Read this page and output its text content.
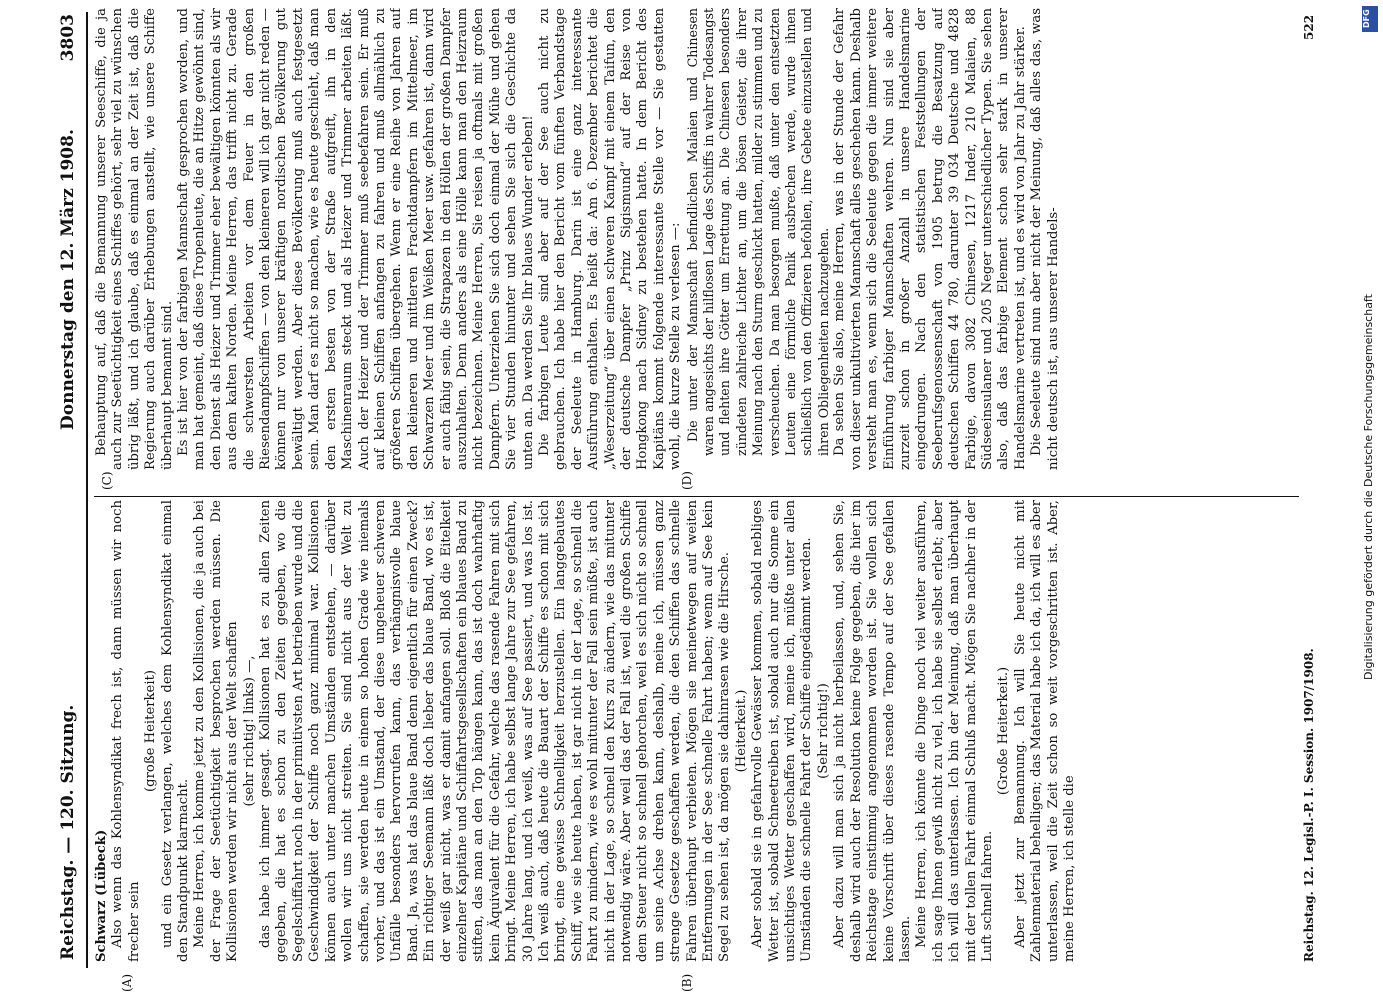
Reichstag. — 120. Sitzung.
Donnerstag den 12. März 1908.
3803
(A)	(B)
(C)	(D)

Schwarz (Lübeck) Also wenn das Kohlensyndikat frech ist, dann müssen wir noch frecher sein

(große Heiterkeit) und ein Gesetz verlangen, welches dem Kohlensyndikat einmal den Standpunkt klarmacht. Meine Herren, ich komme jetzt zu den Kollisionen, die ja auch bei der Frage der Seetüchtigkeit besprochen werden müssen. Die Kollisionen werden wir nicht aus der Welt schaffen (sehr richtig! links) —, das habe ich immer gesagt. Kollisionen hat es zu allen Zeiten gegeben, die hat es schon zu den Zeiten gegeben, wo die Segelschiffahrt noch in der primitivsten Art betrieben wurde und die Geschwindigkeit der Schiffe noch ganz minimal war. Kollisionen können auch unter manchen Umständen entstehen, — darüber wollen wir uns nicht streiten. Sie sind nicht aus der Welt zu schaffen, sie werden heute in einem so hohen Grade wie niemals vorher, und das ist ein Umstand, der diese ungeheuer schweren Unfälle besonders hervorrufen kann, das verhängnisvolle blaue Band. Ja, was hat das blaue Band denn eigentlich für einen Zweck? Ein richtiger Seemann läßt doch lieber das blaue Band, wo es ist, der weiß gar nicht, was er damit anfangen soll. Bloß die Eitelkeit einzelner Kapitäne und Schiffahrtsgesellschaften ein blaues Band zu stiften, das man an den Top hängen kann, das ist doch wahrhaftig kein Äquivalent für die Gefahr, welche das rasende Fahren mit sich bringt. Meine Herren, ich habe selbst lange Jahre zur See gefahren, 30 Jahre lang, und ich weiß, was auf See passiert, und was los ist. Ich weiß auch, daß heute die Bauart der Schiffe es schon mit sich bringt, eine gewisse Schnelligkeit herzustellen. Ein langgebautes Schiff, wie sie heute haben, ist gar nicht in der Lage, so schnell die Fahrt zu mindern, wie es wohl mitunter der Fall sein müßte, ist auch nicht in der Lage, so schnell den Kurs zu ändern, wie das mitunter notwendig wäre. Aber weil das der Fall ist, weil die großen Schiffe dem Steuer nicht so schnell gehorchen, weil es sich nicht so schnell um seine Achse drehen kann, deshalb, meine ich, müssen ganz strenge Gesetze geschaffen werden, die den Schiffen das schnelle Fahren überhaupt verbieten. Mögen sie meinetwegen auf weiten Entfernungen in der See schnelle Fahrt haben; wenn auf See kein Segel zu sehen ist, da mögen sie dahinrasen wie die Hirsche. (Heiterkeit.) Aber sobald sie in gefahrvolle Gewässer kommen, sobald nebliges Wetter ist, sobald Schneetreiben ist, sobald auch nur die Sonne ein unsichtiges Wetter geschaffen wird, meine ich, müßte unter allen Umständen die schnelle Fahrt der Schiffe eingedämmt werden. (Sehr richtig!) Aber dazu will man sich ja nicht herbeilassen, und, sehen Sie, deshalb wird auch der Resolution keine Folge gegeben, die hier im Reichstage einstimmig angenommen worden ist. Sie wollen sich keine Vorschrift über dieses rasende Tempo auf der See gefallen lassen. Meine Herren, ich könnte die Dinge noch viel weiter ausführen, ich sage Ihnen gewiß nicht zu viel, ich habe sie selbst erlebt; aber ich will das unterlassen. Ich bin der Meinung, daß man überhaupt mit der tollen Fahrt einmal Schluß macht. Mögen Sie nachher in der Luft schnell fahren.

(Große Heiterkeit.) Aber jetzt zur Bemannung. Ich will Sie heute nicht mit Zahlenmaterial behelligen; das Material habe ich da, ich will es aber unterlassen, weil die Zeit schon so weit vorgeschritten ist. Aber, meine Herren, ich stelle die

Behauptung auf, daß die Bemannung unserer Seeschiffe, die ja auch zur Seetüchtigkeit eines Schiffes gehört, sehr viel zu wünschen übrig läßt, und ich glaube, daß es einmal an der Zeit ist, daß die Regierung auch darüber Erhebungen anstellt, wie unsere Schiffe überhaupt bemannt sind. Es ist hier von der farbigen Mannschaft gesprochen worden, und man hat gemeint, daß diese Tropenleute, die an Hitze gewöhnt sind, den Dienst als Heizer und Trimmer eher bewältigen könnten als wir aus dem kalten Norden. Meine Herren, das trifft nicht zu. Gerade die schwersten Arbeiten vor dem Feuer in den großen Riesendampfschiffen — von den kleineren will ich gar nicht reden — können nur von unserer kräftigen nordischen Bevölkerung gut bewältigt werden. Aber diese Bevölkerung muß auch festgesetzt sein. Man darf es nicht so machen, wie es heute geschieht, daß man den ersten besten von der Straße aufgreift, ihn in den Maschinenraum steckt und als Heizer und Trimmer arbeiten läßt. Auch der Heizer und der Trimmer muß seebefahren sein. Er muß auf kleinen Schiffen anfangen zu fahren und muß allmählich zu größeren Schiffen übergehen. Wenn er eine Reihe von Jahren auf den kleineren und mittleren Frachtdampfern im Mittelmeer, im Schwarzen Meer und im Weißen Meer usw. gefahren ist, dann wird er auch fähig sein, die Strapazen in den Höllen der großen Dampfer auszuhalten. Denn anders als eine Hölle kann man den Heizraum nicht bezeichnen. Meine Herren, Sie reisen ja oftmals mit großen Dampfern. Unterziehen Sie sich doch einmal der Mühe und gehen Sie vier Stunden hinunter und sehen Sie sich die Geschichte da unten an. Da werden Sie Ihr blaues Wunder erleben! Die farbigen Leute sind aber auf der See auch nicht zu gebrauchen. Ich habe hier den Bericht vom fünften Verbandstage der Seeleute in Hamburg. Darin ist eine ganz interessante Ausführung enthalten. Es heißt da: Am 6. Dezember berichtet die „Weserzeitung“ über einen schweren Kampf mit einem Taifun, den der deutsche Dampfer „Prinz Sigismund“ auf der Reise von Hongkong nach Sidney zu bestehen hatte. In dem Bericht des Kapitäns kommt folgende interessante Stelle vor — Sie gestatten wohl, die kurze Stelle zu verlesen —: Die unter der Mannschaft befindlichen Malaien und Chinesen waren angesichts der hilflosen Lage des Schiffs in wahrer Todesangst und flehten ihre Götter um Errettung an. Die Chinesen besonders zündeten zahlreiche Lichter an, um die bösen Geister, die ihrer Meinung nach den Sturm geschickt hatten, milder zu stimmen und zu verscheuchen. Da man besorgen mußte, daß unter den entsetzten Leuten eine förmliche Panik ausbrechen werde, wurde ihnen schließlich von den Offizieren befohlen, ihre Gebete einzustellen und ihren Obliegenheiten nachzugehen. Da sehen Sie also, meine Herren, was in der Stunde der Gefahr von dieser unkultivierten Mannschaft alles geschehen kann. Deshalb versteht man es, wenn sich die Seeleute gegen die immer weitere Einführung farbiger Mannschaften wehren. Nun sind sie aber zurzeit schon in großer Anzahl in unsere Handelsmarine eingedrungen. Nach den statistischen Feststellungen der Seeberufsgenossenschaft von 1905 betrug die Besatzung auf deutschen Schiffen 44 780, darunter 39 034 Deutsche und 4828 Farbige, davon 3082 Chinesen, 1217 Inder, 210 Malaien, 88 Südseeinsulaner und 205 Neger unterschiedlicher Typen. Sie sehen also, daß das farbige Element schon sehr stark in unserer Handelsmarine vertreten ist, und es wird von Jahr zu Jahr stärker. Die Seeleute sind nun aber nicht der Meinung, daß alles das, was nicht deutsch ist, aus unserer Handels-

Reichstag. 12. Legisl.-P. I. Session. 1907/1908.
522	DFG
Digitalisierung gefördert durch die Deutsche Forschungsgemeinschaft
